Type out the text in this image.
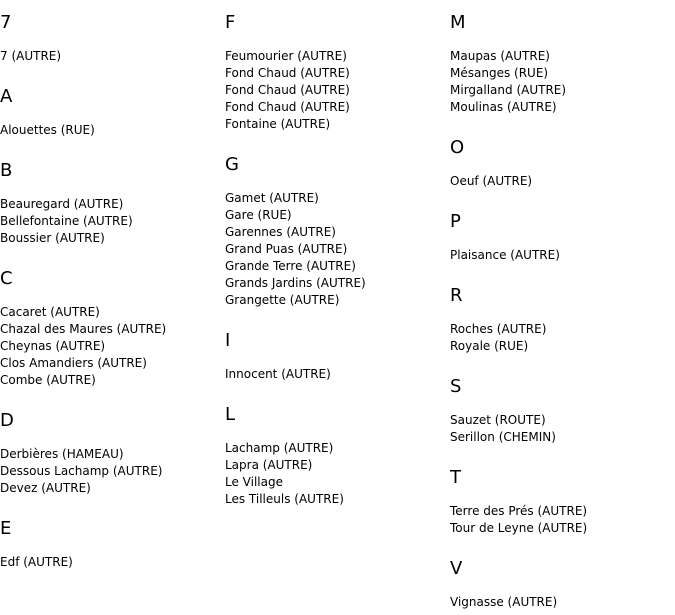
7
7 (AUTRE)
A
Alouettes (RUE)
B
Beauregard (AUTRE)
Bellefontaine (AUTRE)
Boussier (AUTRE)
C
Cacaret (AUTRE)
Chazal des Maures (AUTRE)
Cheynas (AUTRE)
Clos Amandiers (AUTRE)
Combe (AUTRE)
D
Derbières (HAMEAU)
Dessous Lachamp (AUTRE)
Devez (AUTRE)
E
Edf (AUTRE)
F
Feumourier (AUTRE)
Fond Chaud (AUTRE)
Fond Chaud (AUTRE)
Fond Chaud (AUTRE)
Fontaine (AUTRE)
G
Gamet (AUTRE)
Gare (RUE)
Garennes (AUTRE)
Grand Puas (AUTRE)
Grande Terre (AUTRE)
Grands Jardins (AUTRE)
Grangette (AUTRE)
I
Innocent (AUTRE)
L
Lachamp (AUTRE)
Lapra (AUTRE)
Le Village
Les Tilleuls (AUTRE)
M
Maupas (AUTRE)
Mésanges (RUE)
Mirgalland (AUTRE)
Moulinas (AUTRE)
O
Oeuf (AUTRE)
P
Plaisance (AUTRE)
R
Roches (AUTRE)
Royale (RUE)
S
Sauzet (ROUTE)
Serillon (CHEMIN)
T
Terre des Prés (AUTRE)
Tour de Leyne (AUTRE)
V
Vignasse (AUTRE)
